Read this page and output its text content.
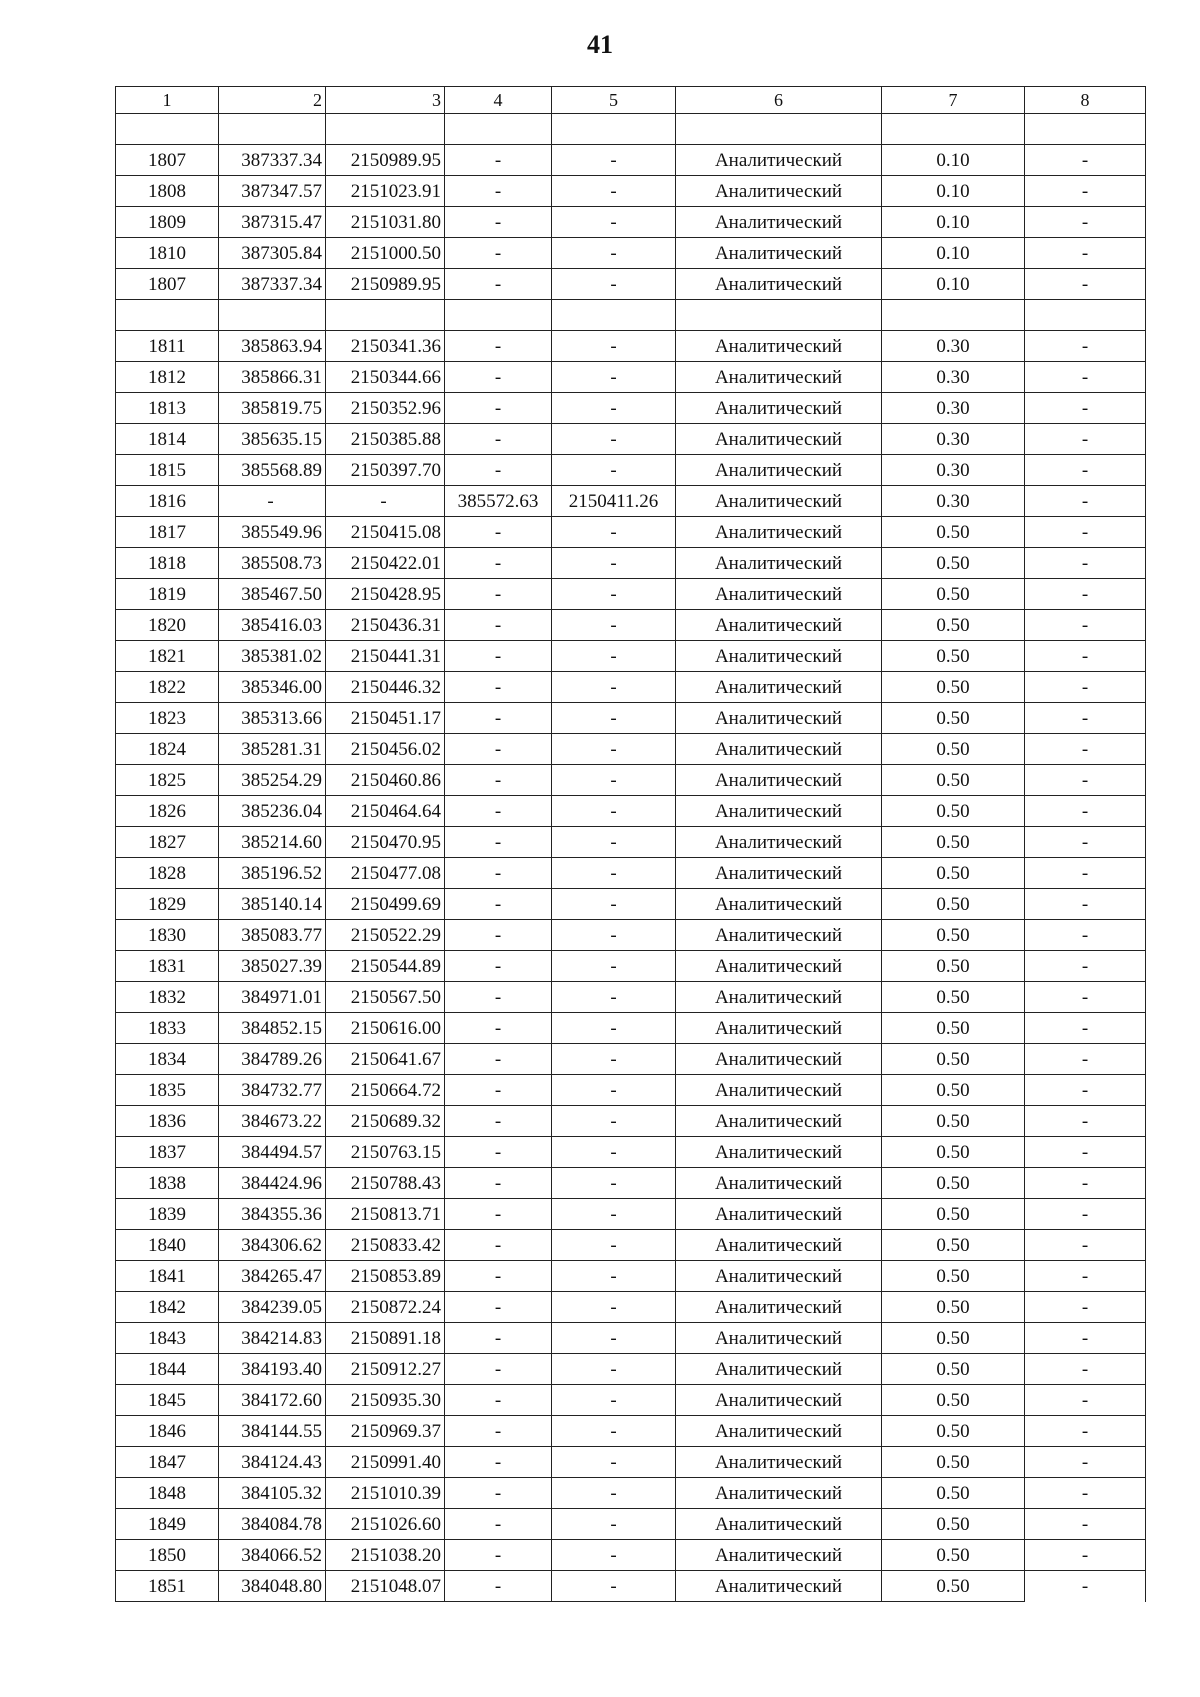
41
1	2	3	4	5	6	7	8

1807	387337.34	2150989.95	-	-	Аналитический	0.10	-
1808	387347.57	2151023.91	-	-	Аналитический	0.10	-
1809	387315.47	2151031.80	-	-	Аналитический	0.10	-
1810	387305.84	2151000.50	-	-	Аналитический	0.10	-
1807	387337.34	2150989.95	-	-	Аналитический	0.10	-

1811	385863.94	2150341.36	-	-	Аналитический	0.30	-
1812	385866.31	2150344.66	-	-	Аналитический	0.30	-
1813	385819.75	2150352.96	-	-	Аналитический	0.30	-
1814	385635.15	2150385.88	-	-	Аналитический	0.30	-
1815	385568.89	2150397.70	-	-	Аналитический	0.30	-
1816	-	-	385572.63	2150411.26	Аналитический	0.30	-
1817	385549.96	2150415.08	-	-	Аналитический	0.50	-
1818	385508.73	2150422.01	-	-	Аналитический	0.50	-
1819	385467.50	2150428.95	-	-	Аналитический	0.50	-
1820	385416.03	2150436.31	-	-	Аналитический	0.50	-
1821	385381.02	2150441.31	-	-	Аналитический	0.50	-
1822	385346.00	2150446.32	-	-	Аналитический	0.50	-
1823	385313.66	2150451.17	-	-	Аналитический	0.50	-
1824	385281.31	2150456.02	-	-	Аналитический	0.50	-
1825	385254.29	2150460.86	-	-	Аналитический	0.50	-
1826	385236.04	2150464.64	-	-	Аналитический	0.50	-
1827	385214.60	2150470.95	-	-	Аналитический	0.50	-
1828	385196.52	2150477.08	-	-	Аналитический	0.50	-
1829	385140.14	2150499.69	-	-	Аналитический	0.50	-
1830	385083.77	2150522.29	-	-	Аналитический	0.50	-
1831	385027.39	2150544.89	-	-	Аналитический	0.50	-
1832	384971.01	2150567.50	-	-	Аналитический	0.50	-
1833	384852.15	2150616.00	-	-	Аналитический	0.50	-
1834	384789.26	2150641.67	-	-	Аналитический	0.50	-
1835	384732.77	2150664.72	-	-	Аналитический	0.50	-
1836	384673.22	2150689.32	-	-	Аналитический	0.50	-
1837	384494.57	2150763.15	-	-	Аналитический	0.50	-
1838	384424.96	2150788.43	-	-	Аналитический	0.50	-
1839	384355.36	2150813.71	-	-	Аналитический	0.50	-
1840	384306.62	2150833.42	-	-	Аналитический	0.50	-
1841	384265.47	2150853.89	-	-	Аналитический	0.50	-
1842	384239.05	2150872.24	-	-	Аналитический	0.50	-
1843	384214.83	2150891.18	-	-	Аналитический	0.50	-
1844	384193.40	2150912.27	-	-	Аналитический	0.50	-
1845	384172.60	2150935.30	-	-	Аналитический	0.50	-
1846	384144.55	2150969.37	-	-	Аналитический	0.50	-
1847	384124.43	2150991.40	-	-	Аналитический	0.50	-
1848	384105.32	2151010.39	-	-	Аналитический	0.50	-
1849	384084.78	2151026.60	-	-	Аналитический	0.50	-
1850	384066.52	2151038.20	-	-	Аналитический	0.50	-
1851	384048.80	2151048.07	-	-	Аналитический	0.50	-
